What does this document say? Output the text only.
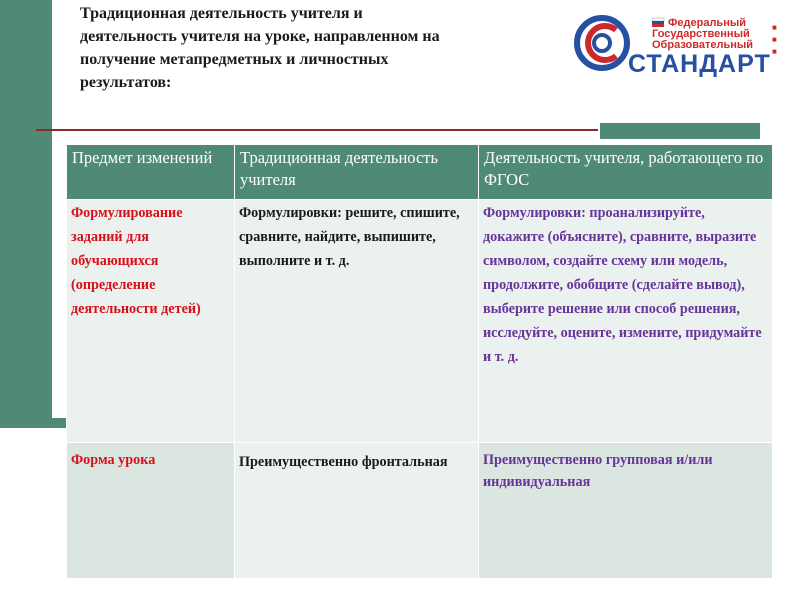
Традиционная деятельность учителя и
деятельность учителя на уроке, направленном на
получение метапредметных и личностных
результатов:
Федеральный
Государственный
Образовательный
СТАНДАРТ
■
■
■
Предмет изменений	Традиционная деятельность учителя	Деятельность учителя, работающего по ФГОС
Формулирование заданий для обучающихся (определение деятельности детей)	Формулировки: решите, спишите, сравните, найдите, выпишите, выполните и т. д.	Формулировки: проанализируйте, докажите (объясните), сравните, выразите символом, создайте схему или модель, продолжите, обобщите (сделайте вывод), выберите решение или способ решения, исследуйте, оцените, измените, придумайте и т. д.
Форма урока	Преимущественно фронтальная	Преимущественно групповая и/или индивидуальная
